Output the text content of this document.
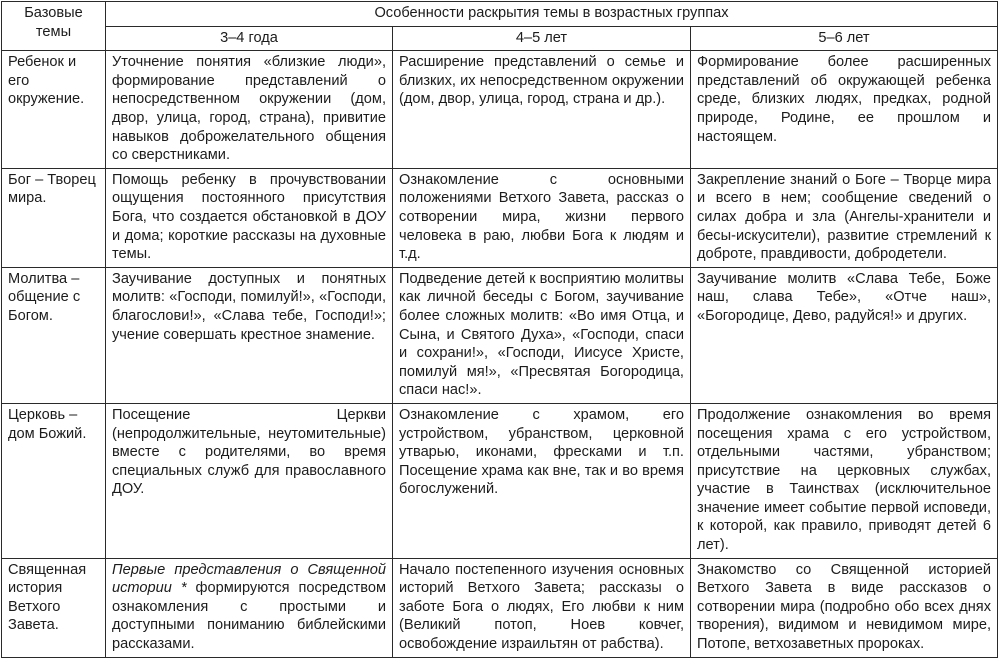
Базовые темы	Особенности раскрытия темы в возрастных группах		
	3–4 года	4–5 лет	5–6 лет
Ребенок и его окружение.	Уточнение понятия «близкие люди», формирование представлений о непосредственном окружении (дом, двор, улица, город, страна), привитие навыков доброжелательного общения со сверстниками.	Расширение представлений о семье и близких, их непосредственном окружении (дом, двор, улица, город, страна и др.).	Формирование более расширенных представлений об окружающей ребенка среде, близких людях, предках, родной природе, Родине, ее прошлом и настоящем.
Бог – Творец мира.	Помощь ребенку в прочувствовании ощущения постоянного присутствия Бога, что создается обстановкой в ДОУ и дома; короткие рассказы на духовные темы.	Ознакомление с основными положениями Ветхого Завета, рассказ о сотворении мира, жизни первого человека в раю, любви Бога к людям и т.д.	Закрепление знаний о Боге – Творце мира и всего в нем; сообщение сведений о силах добра и зла (Ангелы-хранители и бесы-искусители), развитие стремлений к доброте, правдивости, добродетели.
Молитва – общение с Богом.	Заучивание доступных и понятных молитв: «Господи, помилуй!», «Господи, благослови!», «Слава тебе, Господи!»; учение совершать крестное знамение.	Подведение детей к восприятию молитвы как личной беседы с Богом, заучивание более сложных молитв: «Во имя Отца, и Сына, и Святого Духа», «Господи, спаси и сохрани!», «Господи, Иисусе Христе, помилуй мя!», «Пресвятая Богородица, спаси нас!».	Заучивание молитв «Слава Тебе, Боже наш, слава Тебе», «Отче наш», «Богородице, Дево, радуйся!» и других.
Церковь – дом Божий.	Посещение Церкви (непродолжительные, неутомительные) вместе с родителями, во время специальных служб для православного ДОУ.	Ознакомление с храмом, его устройством, убранством, церковной утварью, иконами, фресками и т.п. Посещение храма как вне, так и во время богослужений.	Продолжение ознакомления во время посещения храма с его устройством, отдельными частями, убранством; присутствие на церковных службах, участие в Таинствах (исключительное значение имеет событие первой исповеди, к которой, как правило, приводят детей 6 лет).
Священная история Ветхого Завета.	Первые представления о Священной истории * формируются посредством ознакомления с простыми и доступными пониманию библейскими рассказами.	Начало постепенного изучения основных историй Ветхого Завета; рассказы о заботе Бога о людях, Его любви к ним (Великий потоп, Ноев ковчег, освобождение израильтян от рабства).	Знакомство со Священной историей Ветхого Завета в виде рассказов о сотворении мира (подробно обо всех днях творения), видимом и невидимом мире, Потопе, ветхозаветных пророках.
